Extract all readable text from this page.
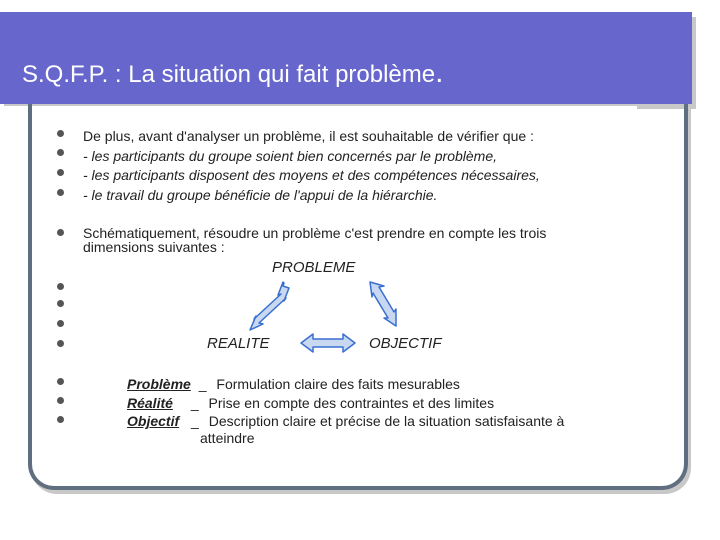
S.Q.F.P. : La situation qui fait problème.
De plus, avant d'analyser un problème, il est souhaitable de vérifier que :
- les participants du groupe soient bien concernés par le problème,
- les participants disposent des moyens et des compétences nécessaires,
- le travail du groupe bénéficie de l'appui de la hiérarchie.
Schématiquement, résoudre un problème c'est prendre en compte les trois
dimensions suivantes :
PROBLEME
REALITE	OBJECTIF
Problème _ Formulation claire des faits mesurables
Réalité _ Prise en compte des contraintes et des limites
Objectif _ Description claire et précise de la situation satisfaisante à
atteindre
